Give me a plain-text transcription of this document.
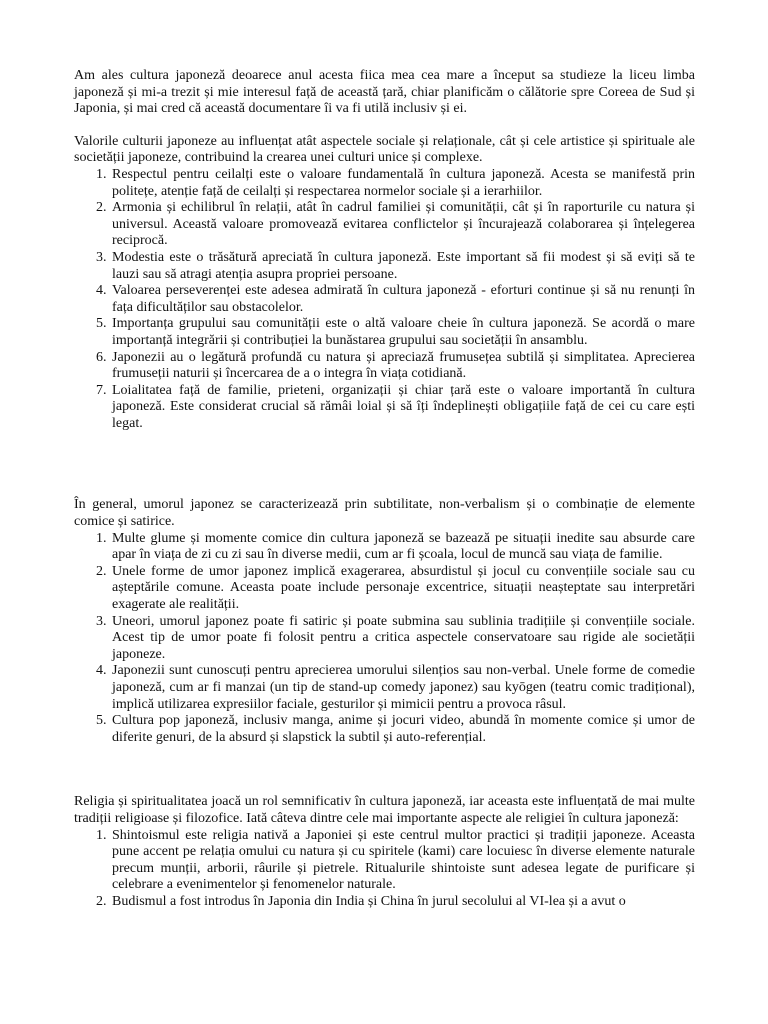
Am ales cultura japoneză deoarece anul acesta fiica mea cea mare a început sa studieze la liceu limba japoneză și mi-a trezit și mie interesul față de această țară, chiar planificăm o călătorie spre Coreea de Sud și Japonia, și mai cred că această documentare îi va fi utilă inclusiv și ei.

Valorile culturii japoneze au influențat atât aspectele sociale și relaționale, cât și cele artistice și spirituale ale societății japoneze, contribuind la crearea unei culturi unice și complexe.

1. Respectul pentru ceilalți este o valoare fundamentală în cultura japoneză. Acesta se manifestă prin politețe, atenție față de ceilalți și respectarea normelor sociale și a ierarhiilor.
2. Armonia și echilibrul în relații, atât în cadrul familiei și comunității, cât și în raporturile cu natura și universul. Această valoare promovează evitarea conflictelor și încurajează colaborarea și înțelegerea reciprocă.
3. Modestia este o trăsătură apreciată în cultura japoneză. Este important să fii modest și să eviți să te lauzi sau să atragi atenția asupra propriei persoane.
4. Valoarea perseverenței este adesea admirată în cultura japoneză - eforturi continue și să nu renunți în fața dificultăților sau obstacolelor.
5. Importanța grupului sau comunității este o altă valoare cheie în cultura japoneză. Se acordă o mare importanță integrării și contribuției la bunăstarea grupului sau societății în ansamblu.
6. Japonezii au o legătură profundă cu natura și apreciază frumusețea subtilă și simplitatea. Aprecierea frumuseții naturii și încercarea de a o integra în viața cotidiană.
7. Loialitatea față de familie, prieteni, organizații și chiar țară este o valoare importantă în cultura japoneză. Este considerat crucial să rămâi loial și să îți îndeplinești obligațiile față de cei cu care ești legat.

În general, umorul japonez se caracterizează prin subtilitate, non-verbalism și o combinație de elemente comice și satirice.

1. Multe glume și momente comice din cultura japoneză se bazează pe situații inedite sau absurde care apar în viața de zi cu zi sau în diverse medii, cum ar fi școala, locul de muncă sau viața de familie.
2. Unele forme de umor japonez implică exagerarea, absurdistul și jocul cu convențiile sociale sau cu așteptările comune. Aceasta poate include personaje excentrice, situații neașteptate sau interpretări exagerate ale realității.
3. Uneori, umorul japonez poate fi satiric și poate submina sau sublinia tradițiile și convențiile sociale. Acest tip de umor poate fi folosit pentru a critica aspectele conservatoare sau rigide ale societății japoneze.
4. Japonezii sunt cunoscuți pentru aprecierea umorului silențios sau non-verbal. Unele forme de comedie japoneză, cum ar fi manzai (un tip de stand-up comedy japonez) sau kyōgen (teatru comic tradițional), implică utilizarea expresiilor faciale, gesturilor și mimicii pentru a provoca râsul.
5. Cultura pop japoneză, inclusiv manga, anime și jocuri video, abundă în momente comice și umor de diferite genuri, de la absurd și slapstick la subtil și auto-referențial.

Religia și spiritualitatea joacă un rol semnificativ în cultura japoneză, iar aceasta este influențată de mai multe tradiții religioase și filozofice. Iată câteva dintre cele mai importante aspecte ale religiei în cultura japoneză:

1. Shintoismul este religia nativă a Japoniei și este centrul multor practici și tradiții japoneze. Aceasta pune accent pe relația omului cu natura și cu spiritele (kami) care locuiesc în diverse elemente naturale precum munții, arborii, râurile și pietrele. Ritualurile shintoiste sunt adesea legate de purificare și celebrare a evenimentelor și fenomenelor naturale.
2. Budismul a fost introdus în Japonia din India și China în jurul secolului al VI-lea și a avut o
